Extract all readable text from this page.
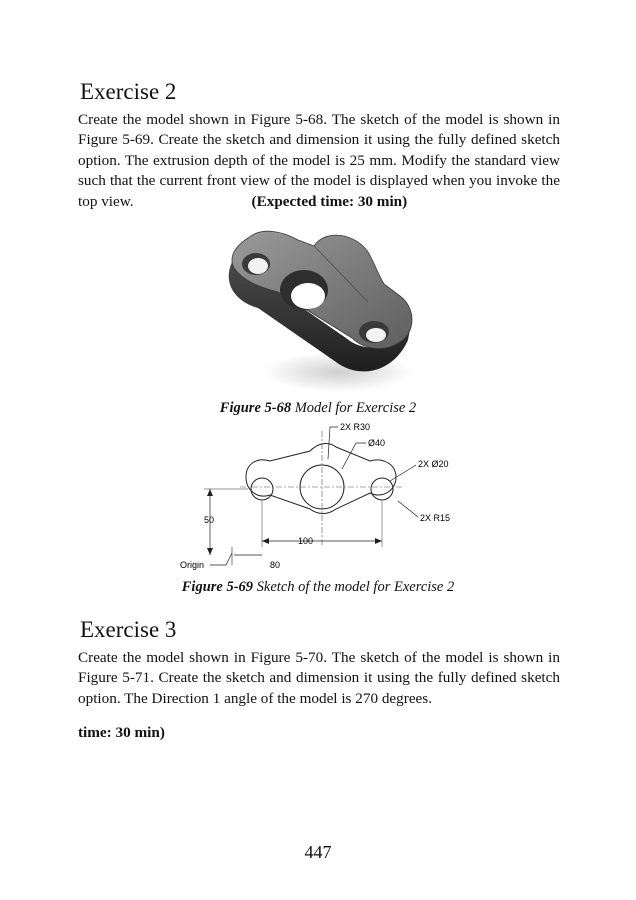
Exercise 2

Create the model shown in Figure 5-68. The sketch of the model is shown in Figure 5-69. Create the sketch and dimension it using the fully defined sketch option. The extrusion depth of the model is 25 mm. Modify the standard view such that the current front view of the model is displayed when you invoke the top view.	(Expected time: 30 min)

Figure 5-68 Model for Exercise 2

2X R30
Ø40
2X Ø20
2X R15
50
100
80
Origin

Figure 5-69 Sketch of the model for Exercise 2

Exercise 3

Create the model shown in Figure 5-70. The sketch of the model is shown in Figure 5-71. Create the sketch and dimension it using the fully defined sketch option. The Direction 1 angle of the model is 270 degrees.

time: 30 min)

447
